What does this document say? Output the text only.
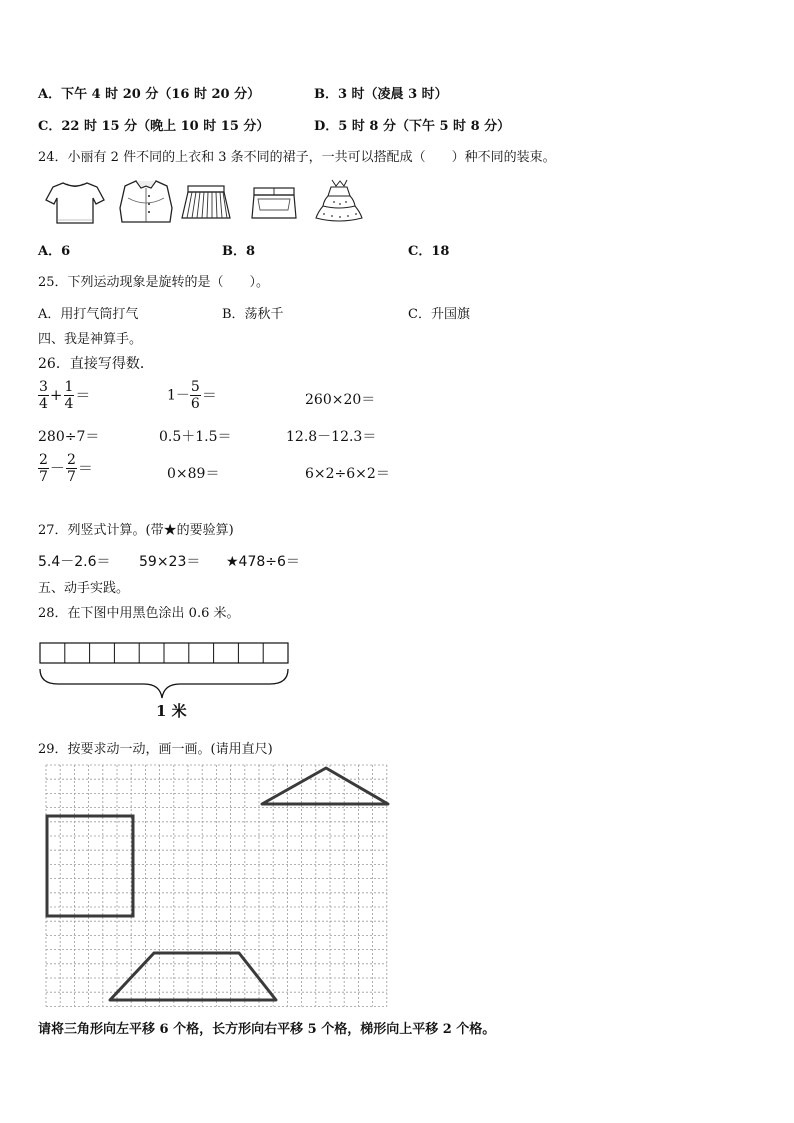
A．下午 4 时 20 分（16 时 20 分）	B．3 时（凌晨 3 时）
C．22 时 15 分（晚上 10 时 15 分）	D．5 时 8 分（下午 5 时 8 分）
24．小丽有 2 件不同的上衣和 3 条不同的裙子，一共可以搭配成（　　）种不同的装束。
A．6	B．8	C．18
25．下列运动现象是旋转的是（　　）。
A．用打气筒打气	B．荡秋千	C．升国旗
四、我是神算手。
26．直接写得数．
$\frac{3}{4} + \frac{1}{4}$ ＝	$1- \frac{5}{6}$ ＝	260×20＝
280÷7＝	0.5＋1.5＝	12.8－12.3＝
$\frac{2}{7} - \frac{2}{7}$ ＝	0×89＝	6×2÷6×2＝
27．列竖式计算。(带★的要验算)
5.4－2.6＝ 59×23＝ ★478÷6＝
五、动手实践。
28．在下图中用黑色涂出 0.6 米。
1 米
29．按要求动一动，画一画。(请用直尺)
请将三角形向左平移 6 个格，长方形向右平移 5 个格，梯形向上平移 2 个格。
